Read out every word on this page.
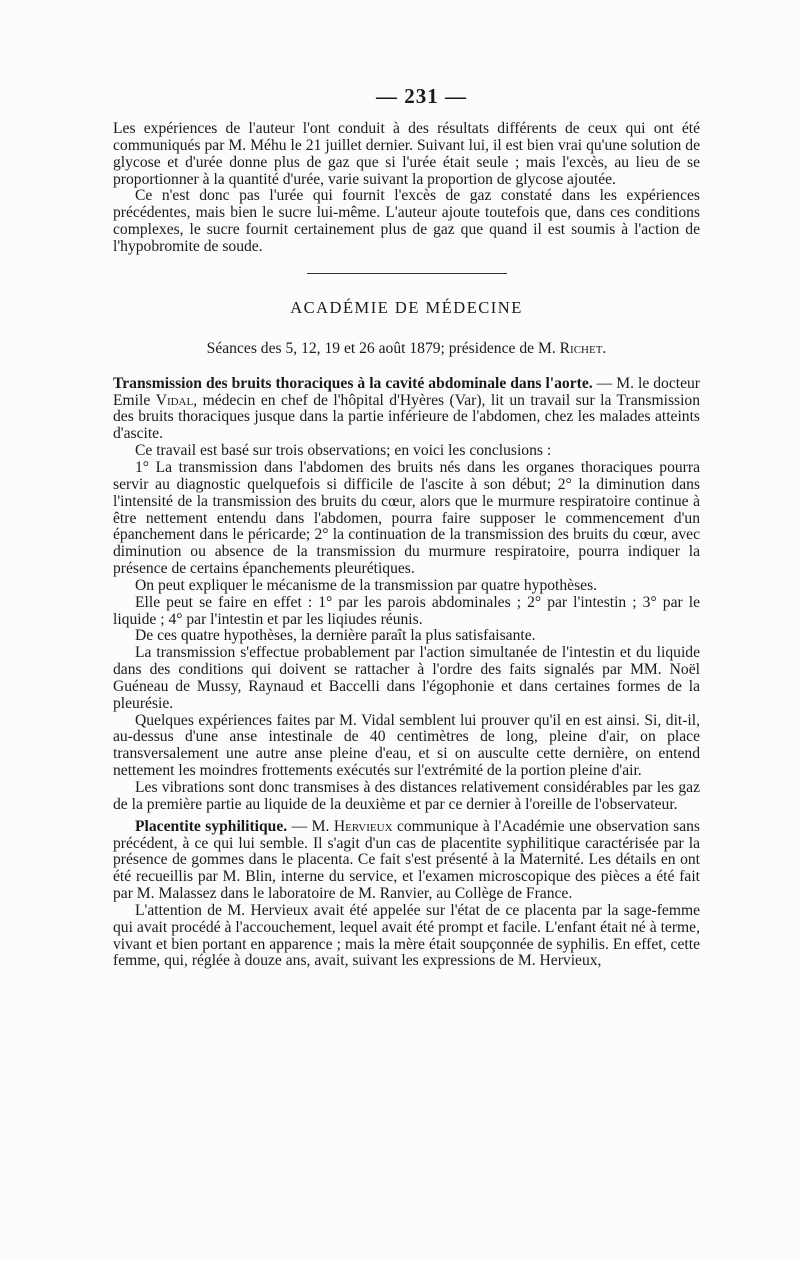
— 231 —

Les expériences de l'auteur l'ont conduit à des résultats différents de ceux qui ont été communiqués par M. Méhu le 21 juillet dernier. Suivant lui, il est bien vrai qu'une solution de glycose et d'urée donne plus de gaz que si l'urée était seule ; mais l'excès, au lieu de se proportionner à la quantité d'urée, varie suivant la proportion de glycose ajoutée.

Ce n'est donc pas l'urée qui fournit l'excès de gaz constaté dans les expériences précédentes, mais bien le sucre lui-même. L'auteur ajoute toutefois que, dans ces conditions complexes, le sucre fournit certainement plus de gaz que quand il est soumis à l'action de l'hypobromite de soude.

ACADÉMIE DE MÉDECINE
Séances des 5, 12, 19 et 26 août 1879; présidence de M. Richet.

Transmission des bruits thoraciques à la cavité abdominale dans l'aorte. — M. le docteur Emile Vidal, médecin en chef de l'hôpital d'Hyères (Var), lit un travail sur la Transmission des bruits thoraciques jusque dans la partie inférieure de l'abdomen, chez les malades atteints d'ascite.

Ce travail est basé sur trois observations; en voici les conclusions :

1° La transmission dans l'abdomen des bruits nés dans les organes thoraciques pourra servir au diagnostic quelquefois si difficile de l'ascite à son début; 2° la diminution dans l'intensité de la transmission des bruits du cœur, alors que le murmure respiratoire continue à être nettement entendu dans l'abdomen, pourra faire supposer le commencement d'un épanchement dans le péricarde; 2° la continuation de la transmission des bruits du cœur, avec diminution ou absence de la transmission du murmure respiratoire, pourra indiquer la présence de certains épanchements pleurétiques.

On peut expliquer le mécanisme de la transmission par quatre hypothèses.

Elle peut se faire en effet : 1° par les parois abdominales ; 2° par l'intestin ; 3° par le liquide ; 4° par l'intestin et par les liqiudes réunis.

De ces quatre hypothèses, la dernière paraît la plus satisfaisante.

La transmission s'effectue probablement par l'action simultanée de l'intestin et du liquide dans des conditions qui doivent se rattacher à l'ordre des faits signalés par MM. Noël Guéneau de Mussy, Raynaud et Baccelli dans l'égophonie et dans certaines formes de la pleurésie.

Quelques expériences faites par M. Vidal semblent lui prouver qu'il en est ainsi. Si, dit-il, au-dessus d'une anse intestinale de 40 centimètres de long, pleine d'air, on place transversalement une autre anse pleine d'eau, et si on ausculte cette dernière, on entend nettement les moindres frottements exécutés sur l'extrémité de la portion pleine d'air.

Les vibrations sont donc transmises à des distances relativement considérables par les gaz de la première partie au liquide de la deuxième et par ce dernier à l'oreille de l'observateur.

Placentite syphilitique. — M. Hervieux communique à l'Académie une observation sans précédent, à ce qui lui semble. Il s'agit d'un cas de placentite syphilitique caractérisée par la présence de gommes dans le placenta. Ce fait s'est présenté à la Maternité. Les détails en ont été recueillis par M. Blin, interne du service, et l'examen microscopique des pièces a été fait par M. Malassez dans le laboratoire de M. Ranvier, au Collège de France.

L'attention de M. Hervieux avait été appelée sur l'état de ce placenta par la sage-femme qui avait procédé à l'accouchement, lequel avait été prompt et facile. L'enfant était né à terme, vivant et bien portant en apparence ; mais la mère était soupçonnée de syphilis. En effet, cette femme, qui, réglée à douze ans, avait, suivant les expressions de M. Hervieux,
